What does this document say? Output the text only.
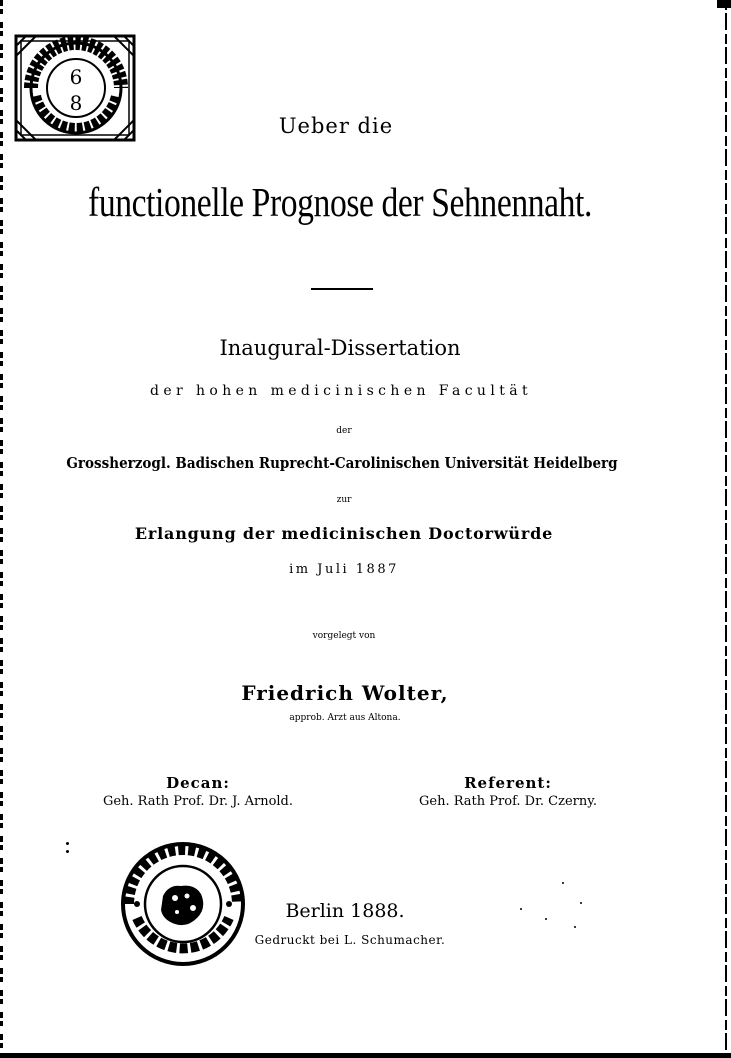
6
8
Ueber die
functionelle Prognose der Sehnennaht.
Inaugural-Dissertation
der hohen medicinischen Facultät
der
Grossherzogl. Badischen Ruprecht-Carolinischen Universität Heidelberg
zur
Erlangung der medicinischen Doctorwürde
im Juli 1887
vorgelegt von
Friedrich Wolter,
approb. Arzt aus Altona.
Decan:
Geh. Rath Prof. Dr. J. Arnold.
Referent:
Geh. Rath Prof. Dr. Czerny.
Berlin 1888.
Gedruckt bei L. Schumacher.
